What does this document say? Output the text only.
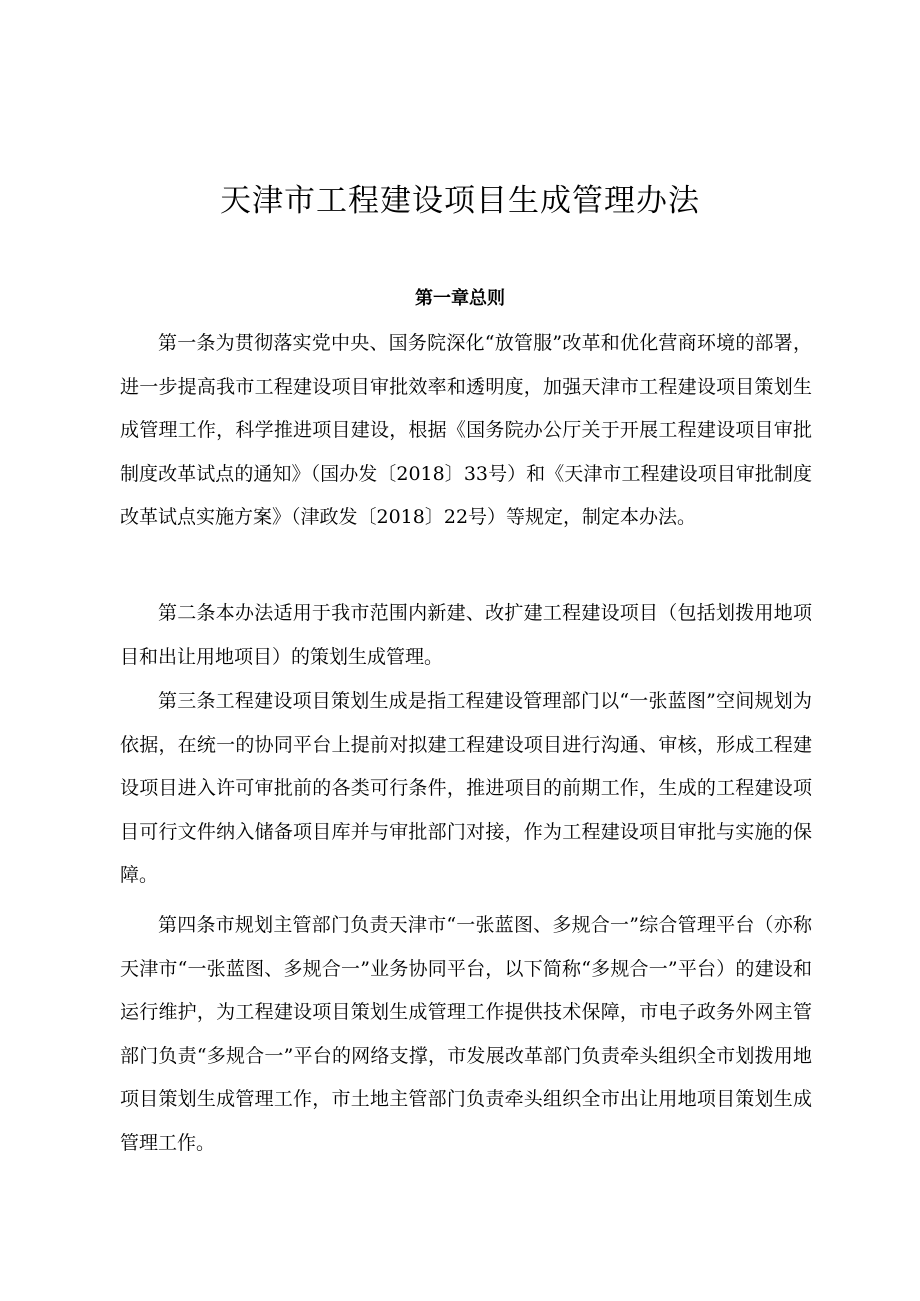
天津市工程建设项目生成管理办法
第一章总则

第一条为贯彻落实党中央、国务院深化“放管服”改革和优化营商环境的部署，进一步提高我市工程建设项目审批效率和透明度，加强天津市工程建设项目策划生成管理工作，科学推进项目建设，根据《国务院办公厅关于开展工程建设项目审批制度改革试点的通知》（国办发〔2018〕33号）和《天津市工程建设项目审批制度改革试点实施方案》（津政发〔2018〕22号）等规定，制定本办法。

第二条本办法适用于我市范围内新建、改扩建工程建设项目（包括划拨用地项目和出让用地项目）的策划生成管理。

第三条工程建设项目策划生成是指工程建设管理部门以“一张蓝图”空间规划为依据，在统一的协同平台上提前对拟建工程建设项目进行沟通、审核，形成工程建设项目进入许可审批前的各类可行条件，推进项目的前期工作，生成的工程建设项目可行文件纳入储备项目库并与审批部门对接，作为工程建设项目审批与实施的保障。

第四条市规划主管部门负责天津市“一张蓝图、多规合一”综合管理平台（亦称天津市“一张蓝图、多规合一”业务协同平台，以下简称“多规合一”平台）的建设和运行维护，为工程建设项目策划生成管理工作提供技术保障，市电子政务外网主管部门负责“多规合一”平台的网络支撑，市发展改革部门负责牵头组织全市划拨用地项目策划生成管理工作，市土地主管部门负责牵头组织全市出让用地项目策划生成管理工作。
